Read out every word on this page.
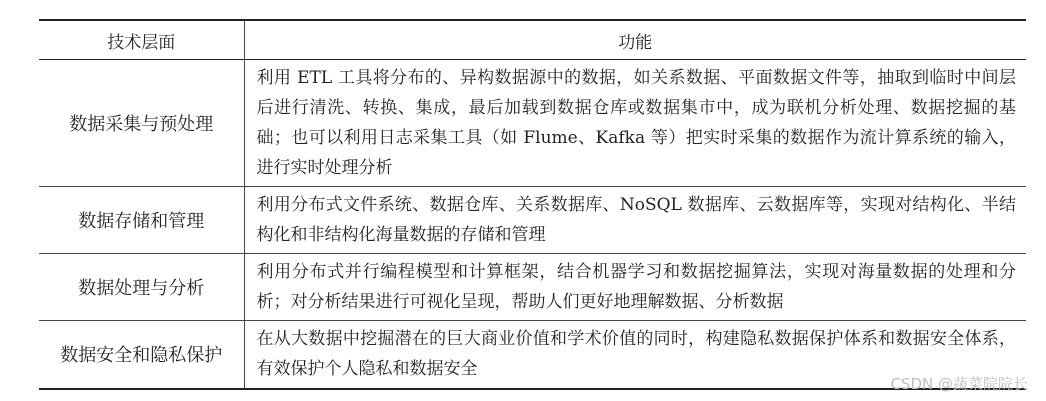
技术层面	功能
数据采集与预处理	利用 ETL 工具将分布的、异构数据源中的数据，如关系数据、平面数据文件等，抽取到临时中间层后进行清洗、转换、集成，最后加载到数据仓库或数据集市中，成为联机分析处理、数据挖掘的基础；也可以利用日志采集工具（如 Flume、Kafka 等）把实时采集的数据作为流计算系统的输入，进行实时处理分析
数据存储和管理	利用分布式文件系统、数据仓库、关系数据库、NoSQL 数据库、云数据库等，实现对结构化、半结构化和非结构化海量数据的存储和管理
数据处理与分析	利用分布式并行编程模型和计算框架，结合机器学习和数据挖掘算法，实现对海量数据的处理和分析；对分析结果进行可视化呈现，帮助人们更好地理解数据、分析数据
数据安全和隐私保护	在从大数据中挖掘潜在的巨大商业价值和学术价值的同时，构建隐私数据保护体系和数据安全体系，有效保护个人隐私和数据安全
CSDN @蔬菜院院长
